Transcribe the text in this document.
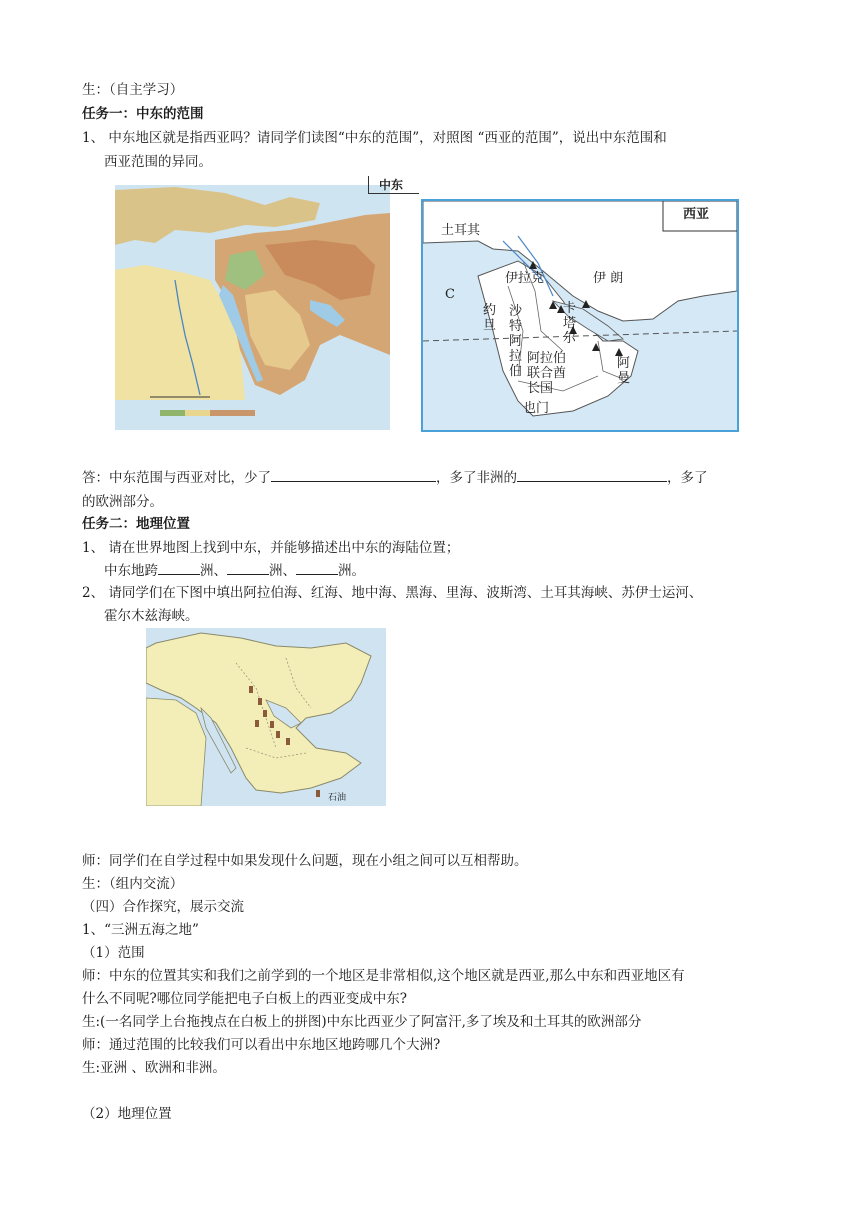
生：（自主学习）
任务一：中东的范围
1、 中东地区就是指西亚吗？请同学们读图“中东的范围”，对照图 “西亚的范围”，说出中东范围和
西亚范围的异同。
中东
西亚
土耳其
伊拉克	伊 朗
约旦
沙特阿拉伯
卡塔尔
阿拉伯联合酋长国
阿曼
也门
C
答：中东范围与西亚对比，少了	，多了非洲的	，多了
的欧洲部分。
任务二：地理位置
1、 请在世界地图上找到中东，并能够描述出中东的海陆位置；
中东地跨	洲、	洲、	洲。
2、 请同学们在下图中填出阿拉伯海、红海、地中海、黑海、里海、波斯湾、土耳其海峡、苏伊士运河、
霍尔木兹海峡。
石油
师：同学们在自学过程中如果发现什么问题，现在小组之间可以互相帮助。
生：（组内交流）
（四）合作探究，展示交流
1、“三洲五海之地”
（1）范围
师：中东的位置其实和我们之前学到的一个地区是非常相似,这个地区就是西亚,那么中东和西亚地区有
什么不同呢?哪位同学能把电子白板上的西亚变成中东?
生:(一名同学上台拖拽点在白板上的拼图)中东比西亚少了阿富汗,多了埃及和土耳其的欧洲部分
师：通过范围的比较我们可以看出中东地区地跨哪几个大洲?
生:亚洲 、欧洲和非洲。
（2）地理位置
